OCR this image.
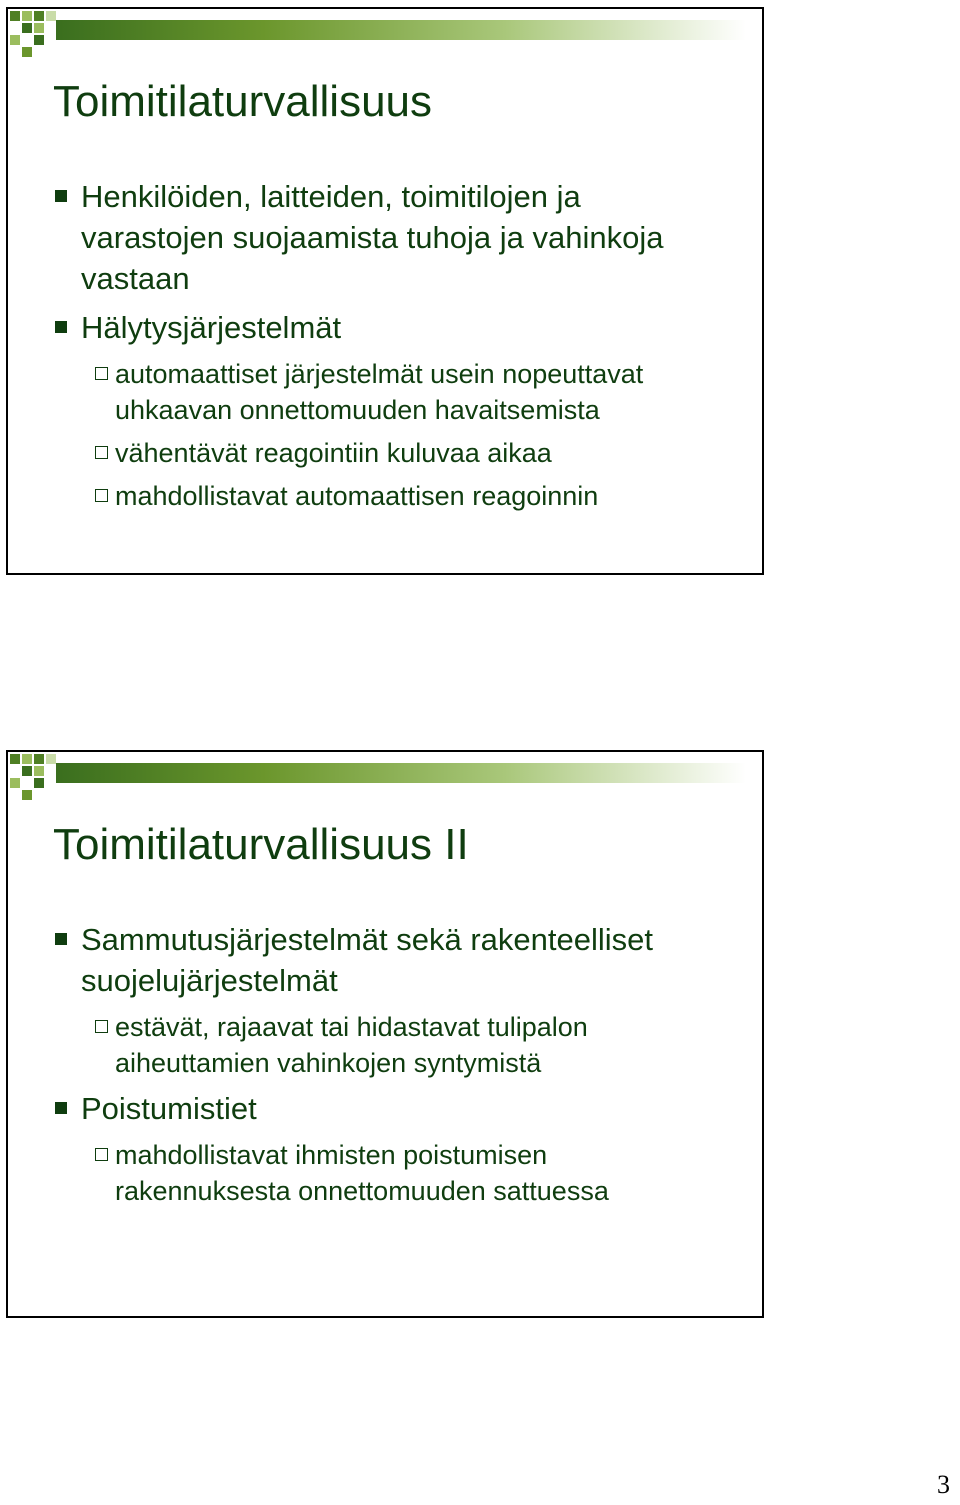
Toimitilaturvallisuus
Henkilöiden, laitteiden, toimitilojen ja varastojen suojaamista tuhoja ja vahinkoja vastaan
Hälytysjärjestelmät
automaattiset järjestelmät usein nopeuttavat uhkaavan onnettomuuden havaitsemista
vähentävät reagointiin kuluvaa aikaa
mahdollistavat automaattisen reagoinnin
Toimitilaturvallisuus II
Sammutusjärjestelmät sekä rakenteelliset suojelujärjestelmät
estävät, rajaavat tai hidastavat tulipalon aiheuttamien vahinkojen syntymistä
Poistumistiet
mahdollistavat ihmisten poistumisen rakennuksesta onnettomuuden sattuessa
3
